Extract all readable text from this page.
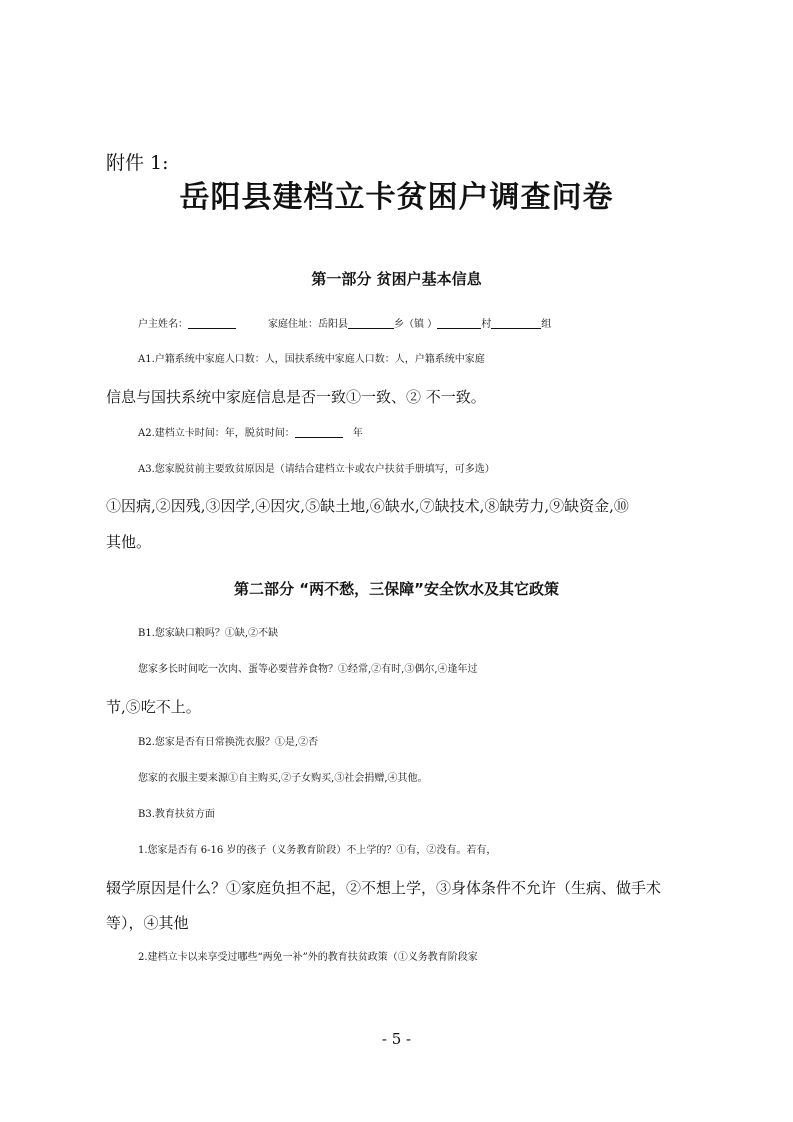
附件 1:
岳阳县建档立卡贫困户调查问卷
第一部分 贫困户基本信息
户主姓名：	家庭住址：岳阳县	乡（镇 ）	村	组
A1.户籍系统中家庭人口数：人，国扶系统中家庭人口数：人，户籍系统中家庭
信息与国扶系统中家庭信息是否一致①一致、② 不一致。
A2.建档立卡时间：年，脱贫时间：	年
A3.您家脱贫前主要致贫原因是（请结合建档立卡或农户扶贫手册填写，可多选）
①因病,②因残,③因学,④因灾,⑤缺土地,⑥缺水,⑦缺技术,⑧缺劳力,⑨缺资金,⑩
其他。
第二部分 “两不愁，三保障”安全饮水及其它政策
B1.您家缺口粮吗？①缺,②不缺
您家多长时间吃一次肉、蛋等必要营养食物？①经常,②有时,③偶尔,④逢年过
节,⑤吃不上。
B2.您家是否有日常换洗衣服？①是,②否
您家的衣服主要来源①自主购买,②子女购买,③社会捐赠,④其他。
B3.教育扶贫方面
1.您家是否有 6-16 岁的孩子（义务教育阶段）不上学的？①有，②没有。若有，
辍学原因是什么？①家庭负担不起，②不想上学，③身体条件不允许（生病、做手术
等），④其他
2.建档立卡以来享受过哪些“两免一补”外的教育扶贫政策（①义务教育阶段家
- 5 -
